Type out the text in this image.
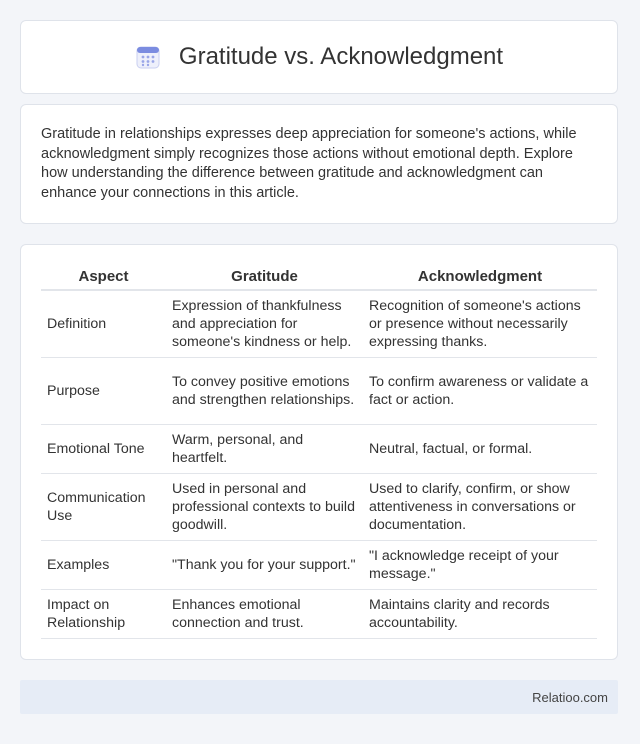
Gratitude vs. Acknowledgment

Gratitude in relationships expresses deep appreciation for someone's actions, while acknowledgment simply recognizes those actions without emotional depth. Explore how understanding the difference between gratitude and acknowledgment can enhance your connections in this article.

Aspect	Gratitude	Acknowledgment
Definition	Expression of thankfulness and appreciation for someone's kindness or help.	Recognition of someone's actions or presence without necessarily expressing thanks.
Purpose	To convey positive emotions and strengthen relationships.	To confirm awareness or validate a fact or action.
Emotional Tone	Warm, personal, and heartfelt.	Neutral, factual, or formal.
Communication Use	Used in personal and professional contexts to build goodwill.	Used to clarify, confirm, or show attentiveness in conversations or documentation.
Examples	"Thank you for your support."	"I acknowledge receipt of your message."
Impact on Relationship	Enhances emotional connection and trust.	Maintains clarity and records accountability.
Relatioo.com
